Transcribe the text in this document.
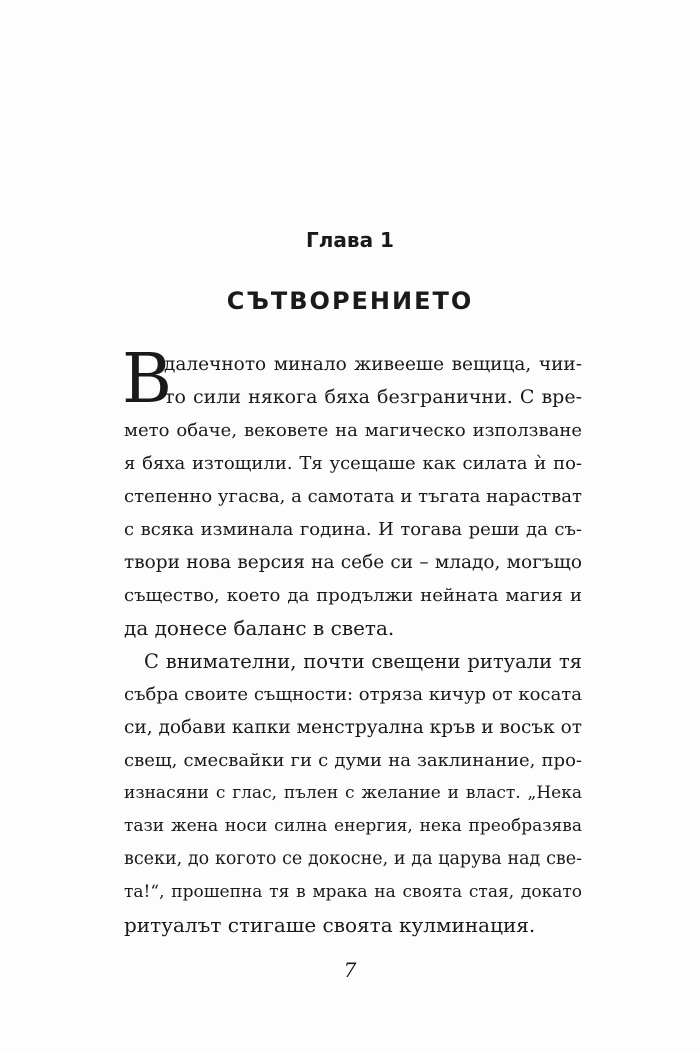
Глава 1
СЪТВОРЕНИЕТО
В
далечното минало живееше вещица, чии-
то сили някога бяха безгранични. С вре-
мето обаче, вековете на магическо използване
я бяха изтощили. Тя усещаше как силата ѝ по-
степенно угасва, а самотата и тъгата нарастват
с всяка изминала година. И тогава реши да съ-
твори нова версия на себе си – младо, могъщо
същество, което да продължи нейната магия и
да донесе баланс в света.
С внимателни, почти свещени ритуали тя
събра своите същности: отряза кичур от косата
си, добави капки менструална кръв и восък от
свещ, смесвайки ги с думи на заклинание, про-
изнасяни с глас, пълен с желание и власт. „Нека
тази жена носи силна енергия, нека преобразява
всеки, до когото се докосне, и да царува над све-
та!“, прошепна тя в мрака на своята стая, докато
ритуалът стигаше своята кулминация.
7
